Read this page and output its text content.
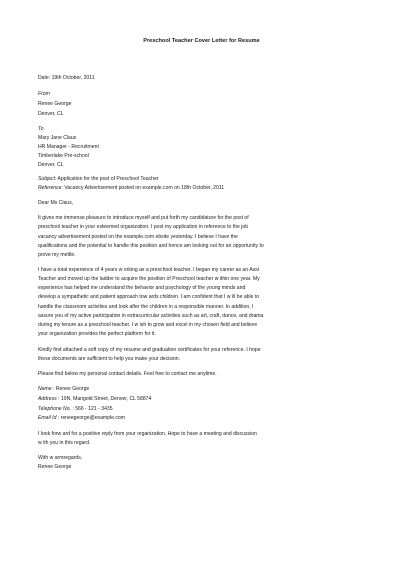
Preschool Teacher Cover Letter for Resume
Date: 19th October, 2011
From
Renee George
Denver, CL
To
Mary Jane Claus
HR Manager - Recruitment
Timberlake Pre-school
Denver, CL
Subject: Application for the post of Preschool Teacher
Reference: Vacancy Advertisement posted on example.com on 18th October, 2011
Dear Ms Claus,
It gives me immense pleasure to introduce myself and put forth my candidature for the post of
preschool teacher in your esteemed organization. I post my application in reference to the job
vacancy advertisement posted on the example.com ebsite yesterday. I believe I have the
qualifications and the potential to handle this position and hence am looking out for an opportunity to
prove my mettle.
I have a total experience of 4 years w orking as a preschool teacher. I began my career as an Asst
Teacher and moved up the ladder to acquire the position of Preschool teacher w ithin one year. My
experience has helped me understand the behavior and psychology of the young minds and
develop a sympathetic and patient approach tow ards children. I am confident that I w ill be able to
handle the classroom activities and look after the children in a responsible manner. In addition, I
assure you of my active participation in extracurricular activities such as art, craft, dance, and drama
during my tenure as a preschool teacher. I w ish to grow and excel in my chosen field and believe
your organization provides the perfect platform for it.
Kindly find attached a soft copy of my resume and graduation certificates for your reference. I hope
these documents are sufficient to help you make your decision.
Please find below my personal contact details. Feel free to contact me anytime.
Name : Renee George
Address : 19N, Marigold Street, Denver, CL 58874
Telephone No. : 566 - 121 - 3435
Email Id : reneegeorge@example.com
I look forw ard for a positive reply from your organization. Hope to have a meeting and discussion
w ith you in this regard.
With w armregards,
Renee George
